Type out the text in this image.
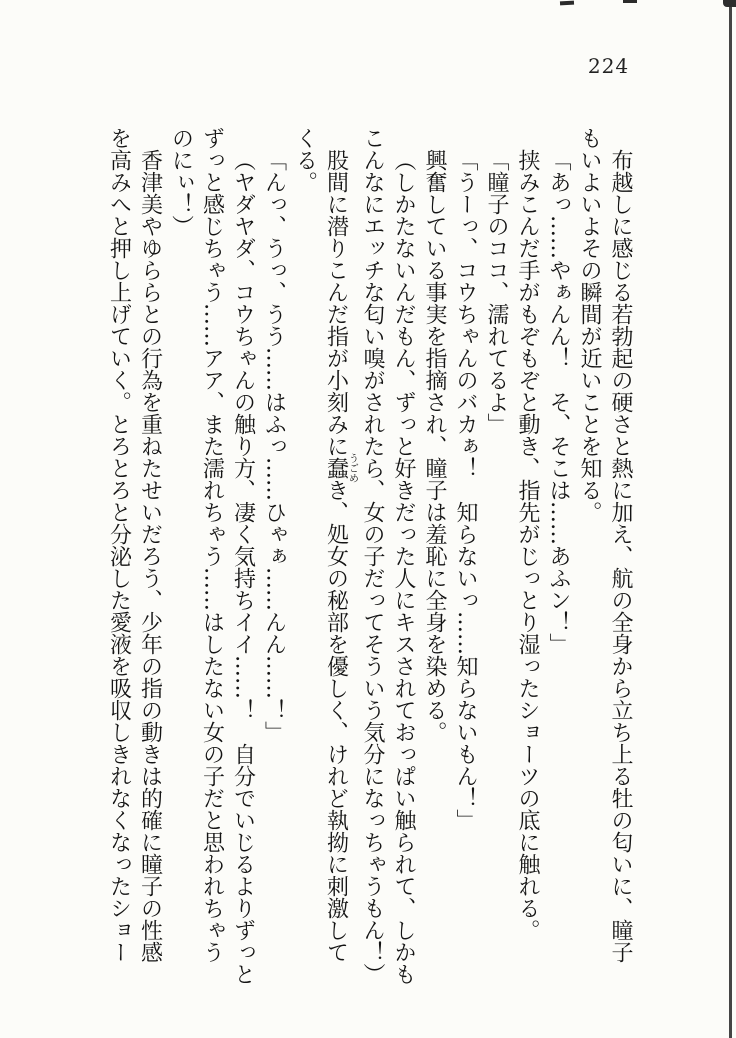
224

布越しに感じる若勃起の硬さと熱に加え、航の全身から立ち上る牡の匂いに、瞳子

もいよいよその瞬間が近いことを知る。

「あっ……やぁんん！　そ、そこは……あふン！」

挟みこんだ手がもぞもぞと動き、指先がじっとり湿ったショーツの底に触れる。

「瞳子のココ、濡れてるよ」

「うーっ、コウちゃんのバカぁ！　知らないっ……知らないもん！」

興奮している事実を指摘され、瞳子は羞恥に全身を染める。

（しかたないんだもん、ずっと好きだった人にキスされておっぱい触られて、しかも

こんなにエッチな匂い嗅がされたら、女の子だってそういう気分になっちゃうもん！）

股間に潜りこんだ指が小刻みに蠢うごめき、処女の秘部を優しく、けれど執拗に刺激して

くる。

「んっ、うっ、うう……はふっ……ひゃぁ……んん……！」

（ヤダヤダ、コウちゃんの触り方、凄く気持ちイイ……！　自分でいじるよりずっと

ずっと感じちゃう……アア、また濡れちゃう……はしたない女の子だと思われちゃう

のにぃ！）

香津美やゆららとの行為を重ねたせいだろう、少年の指の動きは的確に瞳子の性感

を高みへと押し上げていく。とろとろと分泌した愛液を吸収しきれなくなったショー
